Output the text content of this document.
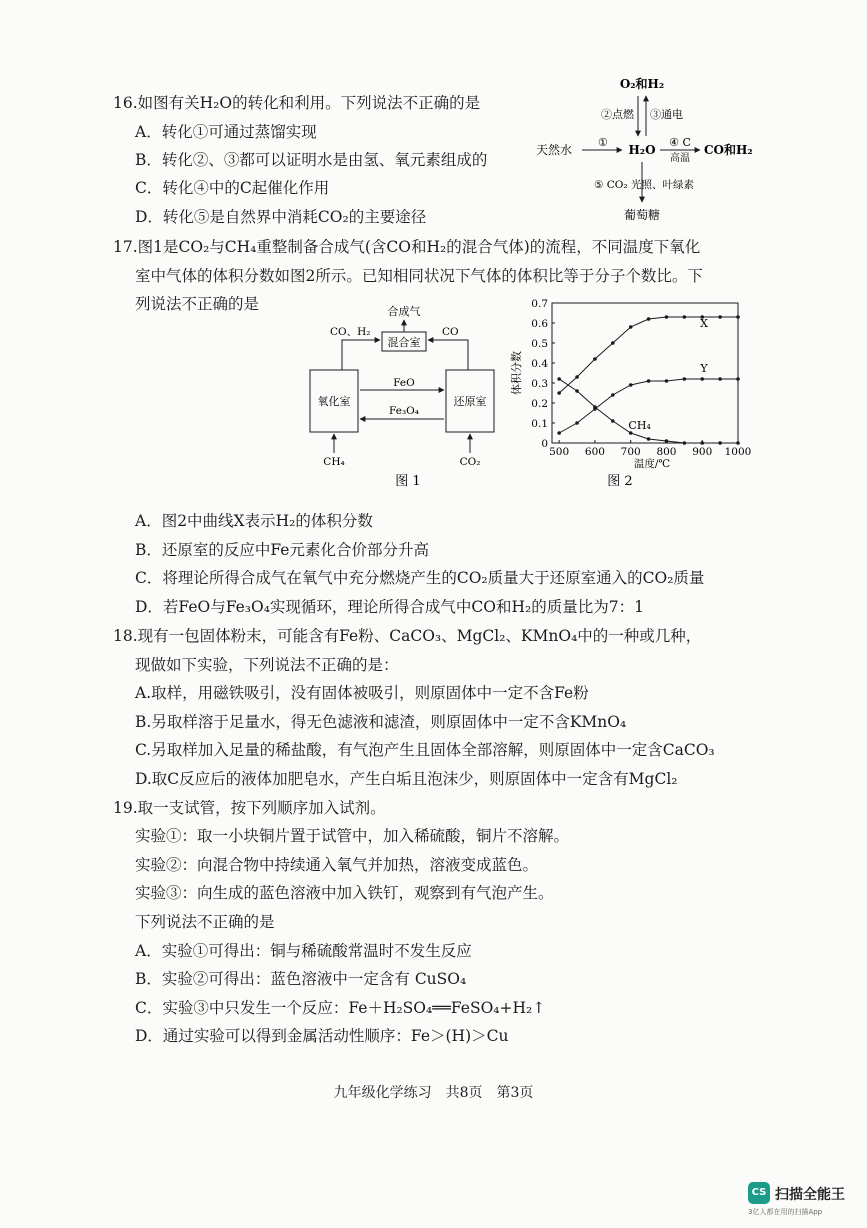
16.如图有关H₂O的转化和利用。下列说法不正确的是
A．转化①可通过蒸馏实现
B．转化②、③都可以证明水是由氢、氧元素组成的
C．转化④中的C起催化作用
D．转化⑤是自然界中消耗CO₂的主要途径
O₂和H₂
②点燃 ③通电
天然水
①
H₂O
④ C
高温
CO和H₂
⑤ CO₂ 光照、叶绿素
葡萄糖
17.图1是CO₂与CH₄重整制备合成气(含CO和H₂的混合气体)的流程，不同温度下氧化
室中气体的体积分数如图2所示。已知相同状况下气体的体积比等于分子个数比。下
列说法不正确的是	合成气
混合室
CO、H₂	CO
氧化室	还原室
FeO
Fe₃O₄
CH₄	CO₂
图 1
体积分数
温度/℃
图 2
0
0.1
0.2
0.3
0.4
0.5
0.6
0.7
500 600 700 800 900 1000
X
Y
CH₄
A．图2中曲线X表示H₂的体积分数
B．还原室的反应中Fe元素化合价部分升高
C．将理论所得合成气在氧气中充分燃烧产生的CO₂质量大于还原室通入的CO₂质量
D．若FeO与Fe₃O₄实现循环，理论所得合成气中CO和H₂的质量比为7：1
18.现有一包固体粉末，可能含有Fe粉、CaCO₃、MgCl₂、KMnO₄中的一种或几种，
现做如下实验，下列说法不正确的是：
A.取样，用磁铁吸引，没有固体被吸引，则原固体中一定不含Fe粉
B.另取样溶于足量水，得无色滤液和滤渣，则原固体中一定不含KMnO₄
C.另取样加入足量的稀盐酸，有气泡产生且固体全部溶解，则原固体中一定含CaCO₃
D.取C反应后的液体加肥皂水，产生白垢且泡沫少，则原固体中一定含有MgCl₂
19.取一支试管，按下列顺序加入试剂。
实验①：取一小块铜片置于试管中，加入稀硫酸，铜片不溶解。
实验②：向混合物中持续通入氧气并加热，溶液变成蓝色。
实验③：向生成的蓝色溶液中加入铁钉，观察到有气泡产生。
下列说法不正确的是
A．实验①可得出：铜与稀硫酸常温时不发生反应
B．实验②可得出：蓝色溶液中一定含有 CuSO₄
C．实验③中只发生一个反应：Fe＋H₂SO₄══FeSO₄+H₂↑
D．通过实验可以得到金属活动性顺序：Fe＞(H)＞Cu
九年级化学练习　共8页　第3页
CS 扫描全能王
3亿人都在用的扫描App
